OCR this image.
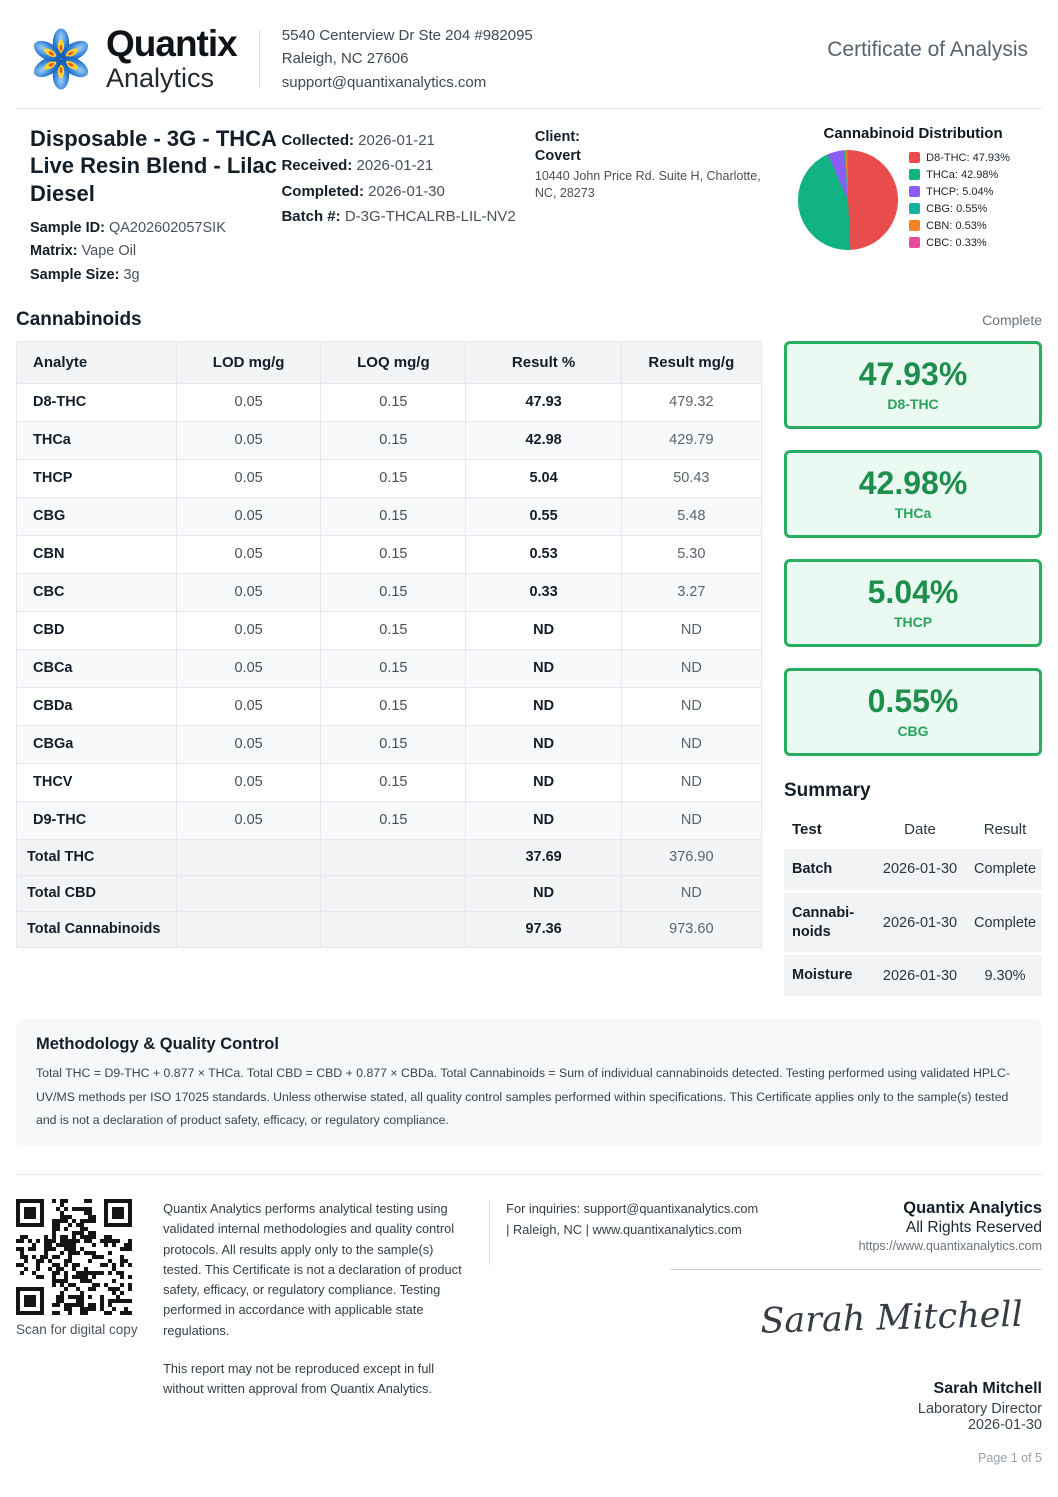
Quantix
Analytics
5540 Centerview Dr Ste 204 #982095
Raleigh, NC 27606
support@quantixanalytics.com
Certificate of Analysis
Disposable - 3G - THCA Live Resin Blend - Lilac Diesel
Sample ID: QA202602057SIK
Matrix: Vape Oil
Sample Size: 3g
Collected: 2026-01-21
Received: 2026-01-21
Completed: 2026-01-30
Batch #: D-3G-THCALRB-LIL-NV2
Client:
Covert
10440 John Price Rd. Suite H, Charlotte, NC, 28273
Cannabinoid Distribution
D8-THC: 47.93%
THCa: 42.98%
THCP: 5.04%
CBG: 0.55%
CBN: 0.53%
CBC: 0.33%
Cannabinoids	Complete
Analyte	LOD mg/g	LOQ mg/g	Result %	Result mg/g
D8-THC	0.05	0.15	47.93	479.32
THCa	0.05	0.15	42.98	429.79
THCP	0.05	0.15	5.04	50.43
CBG	0.05	0.15	0.55	5.48
CBN	0.05	0.15	0.53	5.30
CBC	0.05	0.15	0.33	3.27
CBD	0.05	0.15	ND	ND
CBCa	0.05	0.15	ND	ND
CBDa	0.05	0.15	ND	ND
CBGa	0.05	0.15	ND	ND
THCV	0.05	0.15	ND	ND
D9-THC	0.05	0.15	ND	ND
Total THC			37.69	376.90
Total CBD			ND	ND
Total Cannabinoids			97.36	973.60
47.93%
D8-THC
42.98%
THCa
5.04%
THCP
0.55%
CBG
Summary
Test	Date	Result
Batch	2026-01-30	Complete
Cannabinoids	2026-01-30	Complete
Moisture	2026-01-30	9.30%
Methodology & Quality Control

Total THC = D9-THC + 0.877 × THCa. Total CBD = CBD + 0.877 × CBDa. Total Cannabinoids = Sum of individual cannabinoids detected. Testing performed using validated HPLC-UV/MS methods per ISO 17025 standards. Unless otherwise stated, all quality control samples performed within specifications. This Certificate applies only to the sample(s) tested and is not a declaration of product safety, efficacy, or regulatory compliance.

Scan for digital copy

Quantix Analytics performs analytical testing using validated internal methodologies and quality control protocols. All results apply only to the sample(s) tested. This Certificate is not a declaration of product safety, efficacy, or regulatory compliance. Testing performed in accordance with applicable state regulations.

This report may not be reproduced except in full without written approval from Quantix Analytics.

For inquiries: support@quantixanalytics.com | Raleigh, NC | www.quantixanalytics.com
Quantix Analytics
All Rights Reserved
https://www.quantixanalytics.com
Sarah Mitchell
Sarah Mitchell
Laboratory Director
2026-01-30
Page 1 of 5
